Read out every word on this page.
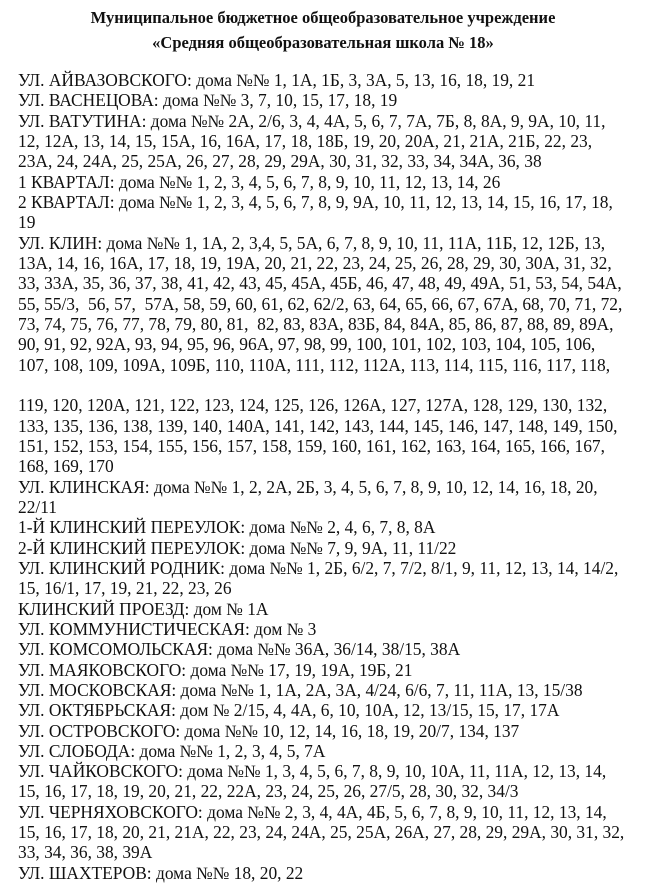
Муниципальное бюджетное общеобразовательное учреждение
«Средняя общеобразовательная школа № 18»
УЛ. АЙВАЗОВСКОГО: дома №№ 1, 1А, 1Б, 3, 3А, 5, 13, 16, 18, 19, 21
УЛ. ВАСНЕЦОВА: дома №№ 3, 7, 10, 15, 17, 18, 19
УЛ. ВАТУТИНА: дома №№ 2А, 2/6, 3, 4, 4А, 5, 6, 7, 7А, 7Б, 8, 8А, 9, 9А, 10, 11,
12, 12А, 13, 14, 15, 15А, 16, 16А, 17, 18, 18Б, 19, 20, 20А, 21, 21А, 21Б, 22, 23,
23А, 24, 24А, 25, 25А, 26, 27, 28, 29, 29А, 30, 31, 32, 33, 34, 34А, 36, 38
1 КВАРТАЛ: дома №№ 1, 2, 3, 4, 5, 6, 7, 8, 9, 10, 11, 12, 13, 14, 26
2 КВАРТАЛ: дома №№ 1, 2, 3, 4, 5, 6, 7, 8, 9, 9А, 10, 11, 12, 13, 14, 15, 16, 17, 18,
19
УЛ. КЛИН: дома №№ 1, 1А, 2, 3,4, 5, 5А, 6, 7, 8, 9, 10, 11, 11А, 11Б, 12, 12Б, 13,
13А, 14, 16, 16А, 17, 18, 19, 19А, 20, 21, 22, 23, 24, 25, 26, 28, 29, 30, 30А, 31, 32,
33, 33А, 35, 36, 37, 38, 41, 42, 43, 45, 45А, 45Б, 46, 47, 48, 49, 49А, 51, 53, 54, 54А,
55, 55/3,  56, 57,  57А, 58, 59, 60, 61, 62, 62/2, 63, 64, 65, 66, 67, 67А, 68, 70, 71, 72,
73, 74, 75, 76, 77, 78, 79, 80, 81,  82, 83, 83А, 83Б, 84, 84А, 85, 86, 87, 88, 89, 89А,
90, 91, 92, 92А, 93, 94, 95, 96, 96А, 97, 98, 99, 100, 101, 102, 103, 104, 105, 106,
107, 108, 109, 109А, 109Б, 110, 110А, 111, 112, 112А, 113, 114, 115, 116, 117, 118,
119, 120, 120А, 121, 122, 123, 124, 125, 126, 126А, 127, 127А, 128, 129, 130, 132,
133, 135, 136, 138, 139, 140, 140А, 141, 142, 143, 144, 145, 146, 147, 148, 149, 150,
151, 152, 153, 154, 155, 156, 157, 158, 159, 160, 161, 162, 163, 164, 165, 166, 167,
168, 169, 170
УЛ. КЛИНСКАЯ: дома №№ 1, 2, 2А, 2Б, 3, 4, 5, 6, 7, 8, 9, 10, 12, 14, 16, 18, 20,
22/11
1-Й КЛИНСКИЙ ПЕРЕУЛОК: дома №№ 2, 4, 6, 7, 8, 8А
2-Й КЛИНСКИЙ ПЕРЕУЛОК: дома №№ 7, 9, 9А, 11, 11/22
УЛ. КЛИНСКИЙ РОДНИК: дома №№ 1, 2Б, 6/2, 7, 7/2, 8/1, 9, 11, 12, 13, 14, 14/2,
15, 16/1, 17, 19, 21, 22, 23, 26
КЛИНСКИЙ ПРОЕЗД: дом № 1А
УЛ. КОММУНИСТИЧЕСКАЯ: дом № 3
УЛ. КОМСОМОЛЬСКАЯ: дома №№ 36А, 36/14, 38/15, 38А
УЛ. МАЯКОВСКОГО: дома №№ 17, 19, 19А, 19Б, 21
УЛ. МОСКОВСКАЯ: дома №№ 1, 1А, 2А, 3А, 4/24, 6/6, 7, 11, 11А, 13, 15/38
УЛ. ОКТЯБРЬСКАЯ: дом № 2/15, 4, 4А, 6, 10, 10А, 12, 13/15, 15, 17, 17А
УЛ. ОСТРОВСКОГО: дома №№ 10, 12, 14, 16, 18, 19, 20/7, 134, 137
УЛ. СЛОБОДА: дома №№ 1, 2, 3, 4, 5, 7А
УЛ. ЧАЙКОВСКОГО: дома №№ 1, 3, 4, 5, 6, 7, 8, 9, 10, 10А, 11, 11А, 12, 13, 14,
15, 16, 17, 18, 19, 20, 21, 22, 22А, 23, 24, 25, 26, 27/5, 28, 30, 32, 34/3
УЛ. ЧЕРНЯХОВСКОГО: дома №№ 2, 3, 4, 4А, 4Б, 5, 6, 7, 8, 9, 10, 11, 12, 13, 14,
15, 16, 17, 18, 20, 21, 21А, 22, 23, 24, 24А, 25, 25А, 26А, 27, 28, 29, 29А, 30, 31, 32,
33, 34, 36, 38, 39А
УЛ. ШАХТЕРОВ: дома №№ 18, 20, 22
